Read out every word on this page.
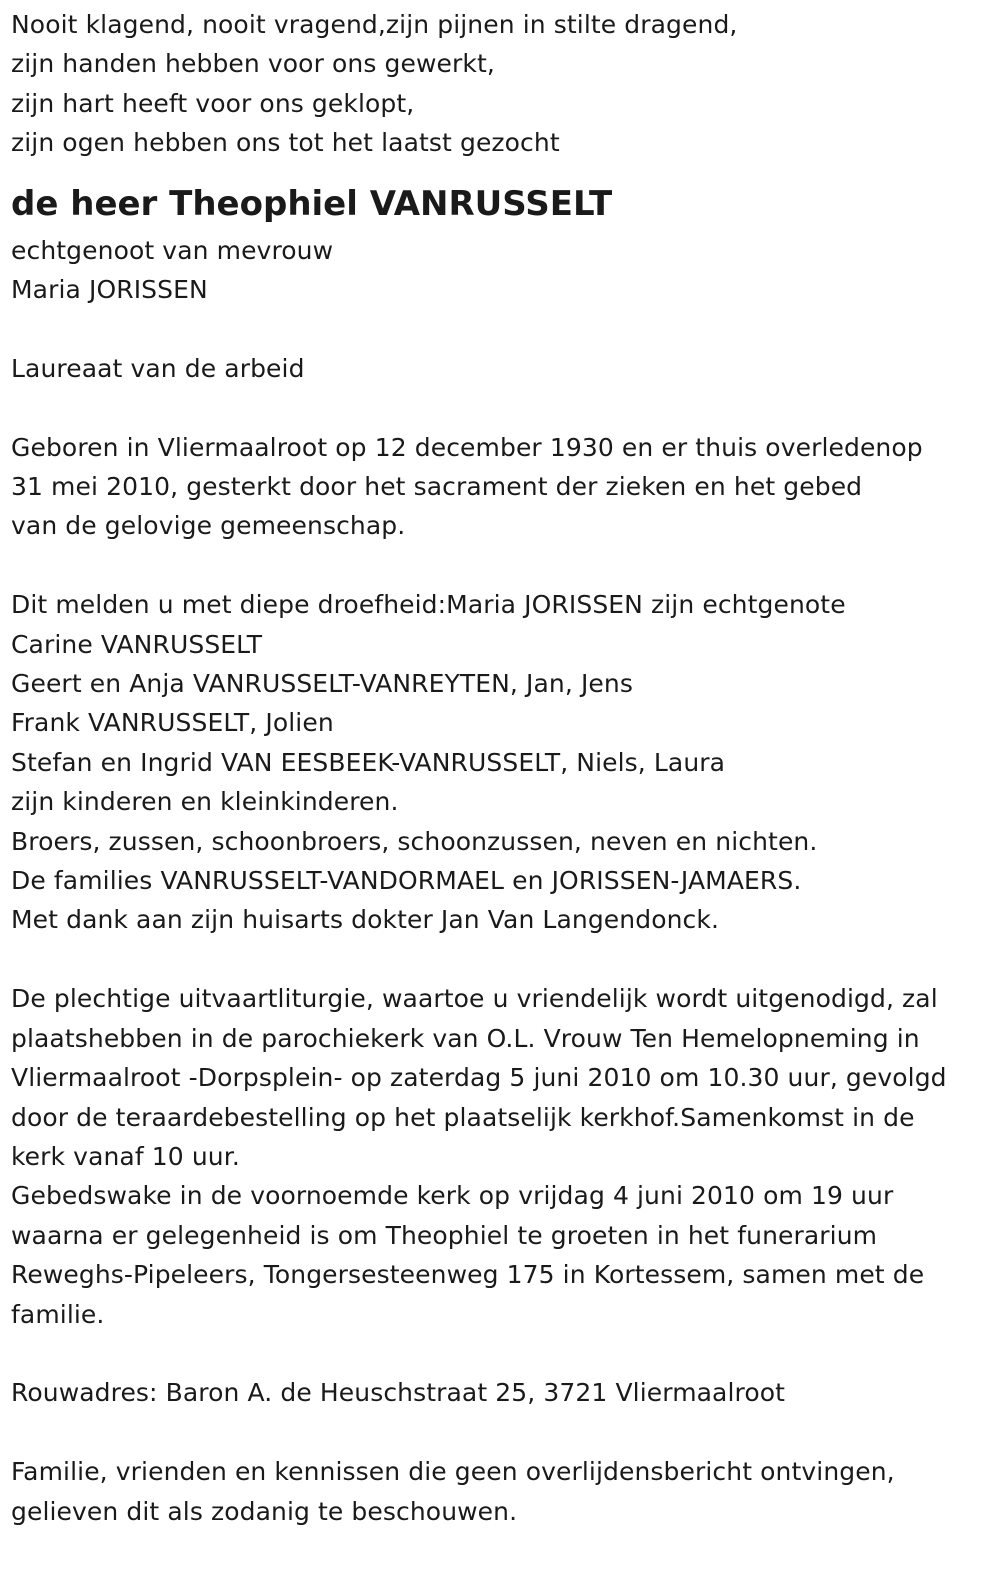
Nooit klagend, nooit vragend,zijn pijnen in stilte dragend,
zijn handen hebben voor ons gewerkt,
zijn hart heeft voor ons geklopt,
zijn ogen hebben ons tot het laatst gezocht
de heer Theophiel VANRUSSELT
echtgenoot van mevrouw
Maria JORISSEN
Laureaat van de arbeid
Geboren in Vliermaalroot op 12 december 1930 en er thuis overledenop
31 mei 2010, gesterkt door het sacrament der zieken en het gebed
van de gelovige gemeenschap.
Dit melden u met diepe droefheid:Maria JORISSEN zijn echtgenote
Carine VANRUSSELT
Geert en Anja VANRUSSELT-VANREYTEN, Jan, Jens
Frank VANRUSSELT, Jolien
Stefan en Ingrid VAN EESBEEK-VANRUSSELT, Niels, Laura
zijn kinderen en kleinkinderen.
Broers, zussen, schoonbroers, schoonzussen, neven en nichten.
De families VANRUSSELT-VANDORMAEL en JORISSEN-JAMAERS.
Met dank aan zijn huisarts dokter Jan Van Langendonck.
De plechtige uitvaartliturgie, waartoe u vriendelijk wordt uitgenodigd, zal
plaatshebben in de parochiekerk van O.L. Vrouw Ten Hemelopneming in
Vliermaalroot -Dorpsplein- op zaterdag 5 juni 2010 om 10.30 uur, gevolgd
door de teraardebestelling op het plaatselijk kerkhof.Samenkomst in de
kerk vanaf 10 uur.
Gebedswake in de voornoemde kerk op vrijdag 4 juni 2010 om 19 uur
waarna er gelegenheid is om Theophiel te groeten in het funerarium
Reweghs-Pipeleers, Tongersesteenweg 175 in Kortessem, samen met de
familie.
Rouwadres: Baron A. de Heuschstraat 25, 3721 Vliermaalroot
Familie, vrienden en kennissen die geen overlijdensbericht ontvingen,
gelieven dit als zodanig te beschouwen.
